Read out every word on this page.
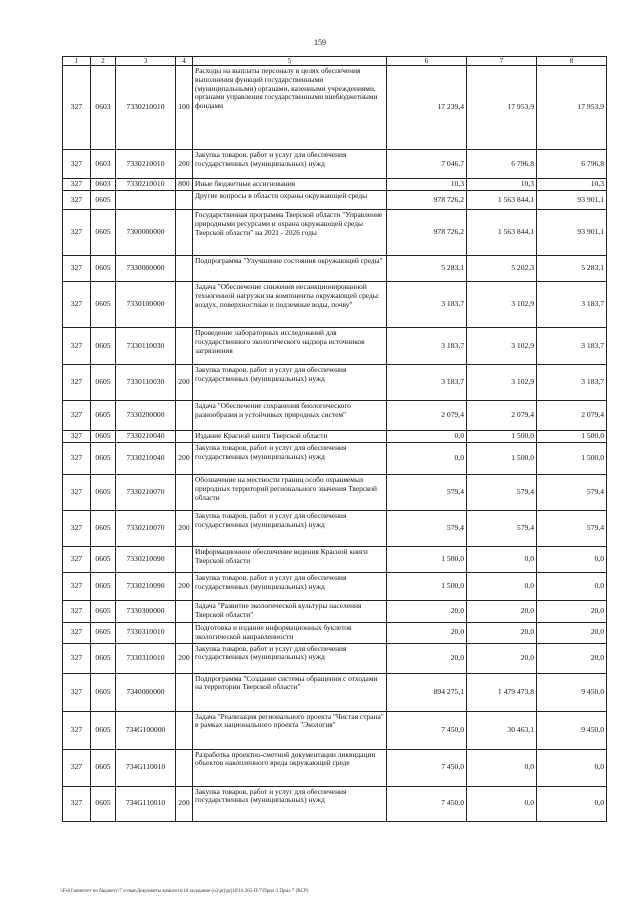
159
1	2	3	4	5	6	7	8
327	0603	7330210010	100	Расходы на выплаты персоналу в целях обеспечения выполнения функций государственными (муниципальными) органами, казенными учреждениями, органами управления государственными внебюджетными фондами	17 239,4	17 953,9	17 953,9
327	0603	7330210010	200	Закупка товаров, работ и услуг для обеспечения государственных (муниципальных) нужд	7 046,7	6 796,8	6 796,8
327	0603	7330210010	800	Иные бюджетные ассигнования	10,3	10,3	10,3
327	0605			Другие вопросы в области охраны окружающей среды	978 726,2	1 563 844,1	93 901,1
327	0605	7300000000		Государственная программа Тверской области "Управление природными ресурсами и охрана окружающей среды Тверской области" на 2021 - 2026 годы	978 726,2	1 563 844,1	93 901,1
327	0605	7330000000		Подпрограмма "Улучшение состояния окружающей среды"	5 283,1	5 202,3	5 283,1
327	0605	7330100000		Задача "Обеспечение снижения несанкционированной техногенной нагрузки на компоненты окружающей среды: воздух, поверхностные и подземные воды, почву"	3 183,7	3 102,9	3 183,7
327	0605	7330110030		Проведение лабораторных исследований для государственного экологического надзора источников загрязнения	3 183,7	3 102,9	3 183,7
327	0605	7330110030	200	Закупка товаров, работ и услуг для обеспечения государственных (муниципальных) нужд	3 183,7	3 102,9	3 183,7
327	0605	7330200000		Задача "Обеспечение сохранения биологического разнообразия и устойчивых природных систем"	2 079,4	2 079,4	2 079,4
327	0605	7330210040		Издание Красной книги Тверской области	0,0	1 500,0	1 500,0
327	0605	7330210040	200	Закупка товаров, работ и услуг для обеспечения государственных (муниципальных) нужд	0,0	1 500,0	1 500,0
327	0605	7330210070		Обозначение на местности границ особо охраняемых природных территорий регионального значения Тверской области	579,4	579,4	579,4
327	0605	7330210070	200	Закупка товаров, работ и услуг для обеспечения государственных (муниципальных) нужд	579,4	579,4	579,4
327	0605	7330210090		Информационное обеспечение ведения Красной книги Тверской области	1 500,0	0,0	0,0
327	0605	7330210090	200	Закупка товаров, работ и услуг для обеспечения государственных (муниципальных) нужд	1 500,0	0,0	0,0
327	0605	7330300000		Задача "Развитие экологической культуры населения Тверской области"	20,0	20,0	20,0
327	0605	7330310010		Подготовка и издание информационных буклетов экологической направленности	20,0	20,0	20,0
327	0605	7330310010	200	Закупка товаров, работ и услуг для обеспечения государственных (муниципальных) нужд	20,0	20,0	20,0
327	0605	7340000000		Подпрограмма "Создание системы обращения с отходами на территории Тверской области"	894 275,1	1 479 473,8	9 450,0
327	0605	734G100000		Задача "Реализация регионального проекта "Чистая страна" в рамках национального проекта "Экология"	7 450,0	30 463,1	9 450,0
327	0605	734G110010		Разработка проектно-сметной документации ликвидации объектов накопленного вреда окружающей среде	7 450,0	0,0	0,0
327	0605	734G110010	200	Закупка товаров, работ и услуг для обеспечения государственных (муниципальных) нужд	7 450,0	0,0	0,0
\\Fs01\минотет по бюджету\7 созыв\Документы комитета\16 заседание (n3\prj\prj16\16 265-П-7\Прил 3 Прил 7 (ВСР)
